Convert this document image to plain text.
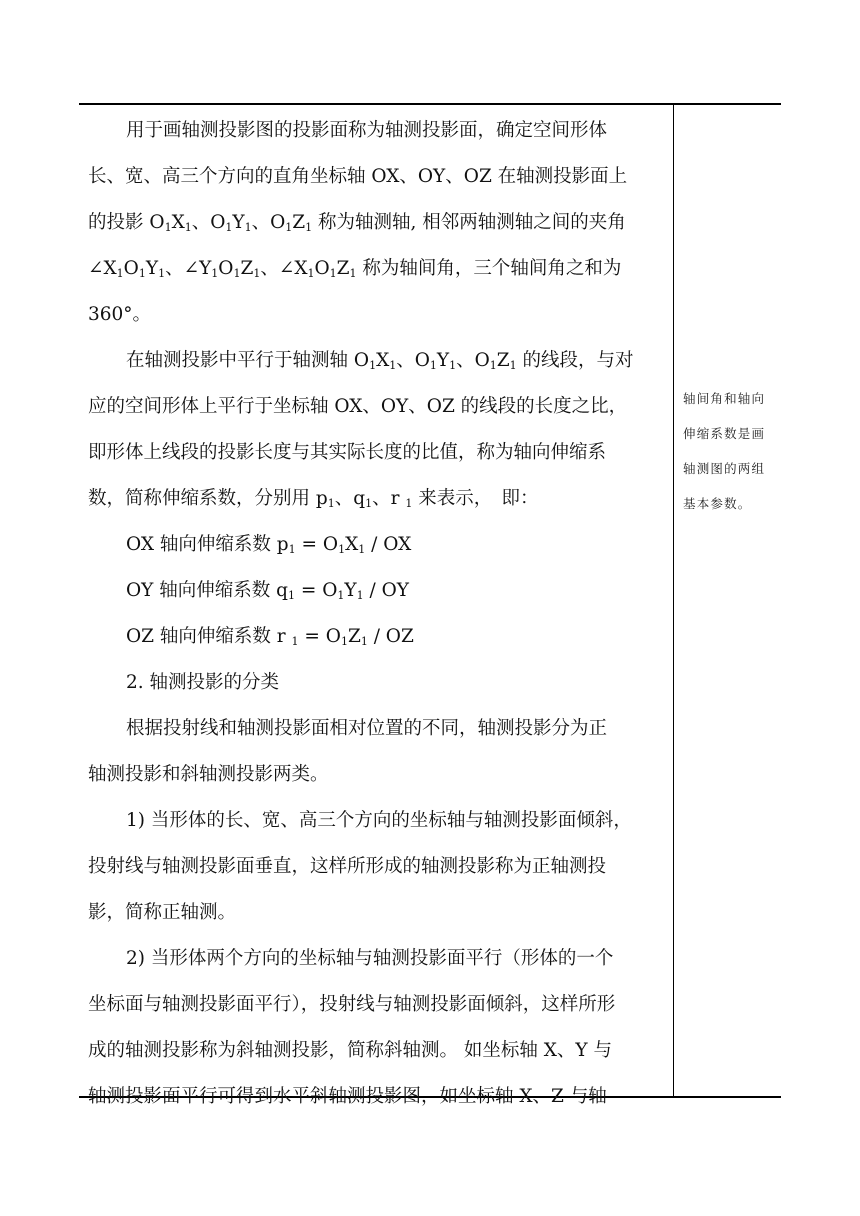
用于画轴测投影图的投影面称为轴测投影面，确定空间形体
长、宽、高三个方向的直角坐标轴 OX、OY、OZ 在轴测投影面上
的投影 O1X1、O1Y1、O1Z1 称为轴测轴, 相邻两轴测轴之间的夹角
∠X1O1Y1、∠Y1O1Z1、∠X1O1Z1 称为轴间角，三个轴间角之和为
360°。
在轴测投影中平行于轴测轴 O1X1、O1Y1、O1Z1 的线段，与对
应的空间形体上平行于坐标轴 OX、OY、OZ 的线段的长度之比，
即形体上线段的投影长度与其实际长度的比值，称为轴向伸缩系
数，简称伸缩系数，分别用 p1、q1、r 1 来表示，　即：
OX 轴向伸缩系数 p1 = O1X1 / OX
OY 轴向伸缩系数 q1 = O1Y1 / OY
OZ 轴向伸缩系数 r 1 = O1Z1 / OZ
2. 轴测投影的分类
根据投射线和轴测投影面相对位置的不同，轴测投影分为正
轴测投影和斜轴测投影两类。
1) 当形体的长、宽、高三个方向的坐标轴与轴测投影面倾斜，
投射线与轴测投影面垂直，这样所形成的轴测投影称为正轴测投
影，简称正轴测。
2) 当形体两个方向的坐标轴与轴测投影面平行（形体的一个
坐标面与轴测投影面平行），投射线与轴测投影面倾斜，这样所形
成的轴测投影称为斜轴测投影，简称斜轴测。 如坐标轴 X、Y 与
轴测投影面平行可得到水平斜轴测投影图，如坐标轴 X、Z 与轴
轴间角和轴向
伸缩系数是画
轴测图的两组
基本参数。
